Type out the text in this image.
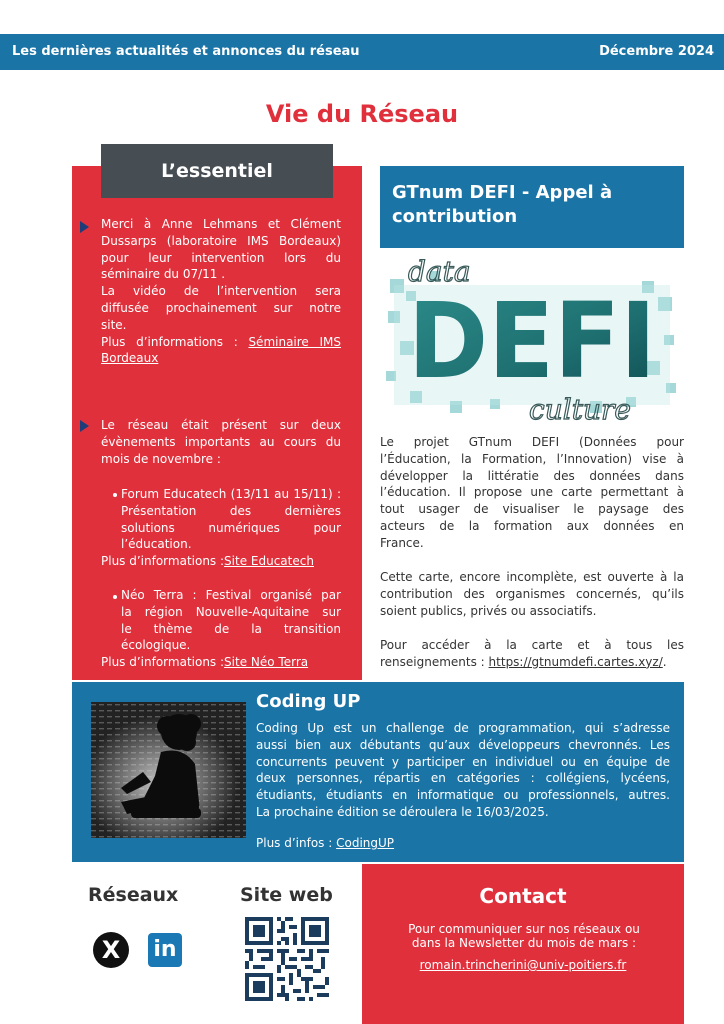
Les dernières actualités et annonces du réseau	Décembre 2024
Vie du Réseau
L’essentiel
Merci à Anne Lehmans et Clément
Dussarps (laboratoire IMS Bordeaux)
pour leur intervention lors du
séminaire du 07/11 .
La vidéo de l’intervention sera
diffusée prochainement sur notre
site.
Plus d’informations : Séminaire IMS
Bordeaux
Le réseau était présent sur deux
évènements importants au cours du
mois de novembre :
Forum Educatech (13/11 au 15/11) :
Présentation des dernières
solutions numériques pour
l’éducation.
Plus d’informations :Site Educatech
Néo Terra : Festival organisé par
la région Nouvelle-Aquitaine sur
le thème de la transition
écologique.
Plus d’informations :Site Néo Terra
GTnum DEFI - Appel à contribution
data
DEFI
culture
Le projet GTnum DEFI (Données pour
l’Éducation, la Formation, l’Innovation) vise à
développer la littératie des données dans
l’éducation. Il propose une carte permettant à
tout usager de visualiser le paysage des
acteurs de la formation aux données en
France.
Cette carte, encore incomplète, est ouverte à la
contribution des organismes concernés, qu’ils
soient publics, privés ou associatifs.
Pour accéder à la carte et à tous les
renseignements : https://gtnumdefi.cartes.xyz/.
Coding UP
Coding Up est un challenge de programmation, qui s’adresse
aussi bien aux débutants qu’aux développeurs chevronnés. Les
concurrents peuvent y participer en individuel ou en équipe de
deux personnes, répartis en catégories : collégiens, lycéens,
étudiants, étudiants en informatique ou professionnels, autres.
La prochaine édition se déroulera le 16/03/2025.
Plus d’infos : CodingUP
Réseaux
X	in
Site web	Contact
Pour communiquer sur nos réseaux ou
dans la Newsletter du mois de mars :
romain.trincherini@univ-poitiers.fr
